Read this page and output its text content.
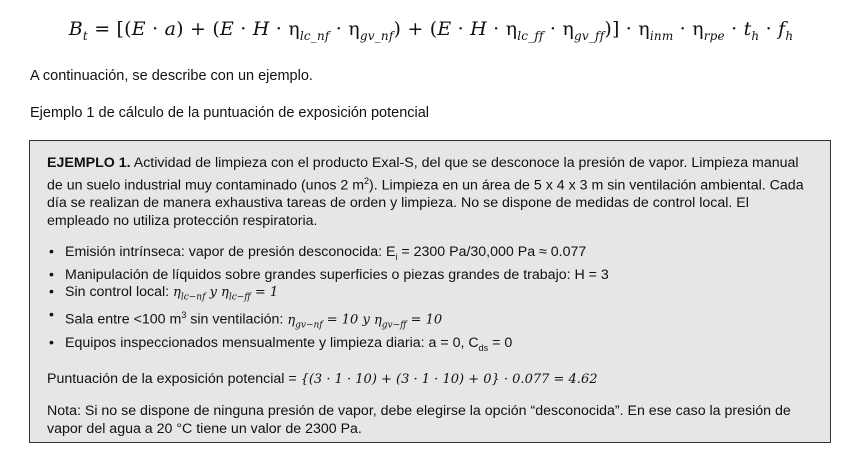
$B_t = [(E \cdot a) + (E \cdot H \cdot \eta_{lc\_nf} \cdot \eta_{gv\_nf}) + (E \cdot H \cdot \eta_{lc\_ff} \cdot \eta_{gv\_ff})] \cdot \eta_{inm} \cdot \eta_{rpe} \cdot t_h \cdot f_h$
A continuación, se describe con un ejemplo.
Ejemplo 1 de cálculo de la puntuación de exposición potencial

EJEMPLO 1. Actividad de limpieza con el producto Exal-S, del que se desconoce la presión de vapor. Limpieza manual de un suelo industrial muy contaminado (unos 2 $m^2$). Limpieza en un área de 5 x 4 x 3 m sin ventilación ambiental. Cada día se realizan de manera exhaustiva tareas de orden y limpieza. No se dispone de medidas de control local. El empleado no utiliza protección respiratoria.

• Emisión intrínseca: vapor de presión desconocida: $E_i = 2300$ Pa/30,000 Pa ≈ 0.077
• Manipulación de líquidos sobre grandes superficies o piezas grandes de trabajo: H = 3
• Sin control local: $\eta_{lc-nf}$ y $\eta_{lc-ff} = 1$
• Sala entre <100 $m^3$ sin ventilación: $\eta_{gv-nf} = 10$ y $\eta_{gv-ff} = 10$
• Equipos inspeccionados mensualmente y limpieza diaria: a = 0, $C_{ds} = 0$

Puntuación de la exposición potencial = {(3 · 1 · 10) + (3 · 1 · 10) + 0} · 0.077 = 4.62

Nota: Si no se dispone de ninguna presión de vapor, debe elegirse la opción “desconocida”. En ese caso la presión de vapor del agua a 20 °C tiene un valor de 2300 Pa.
